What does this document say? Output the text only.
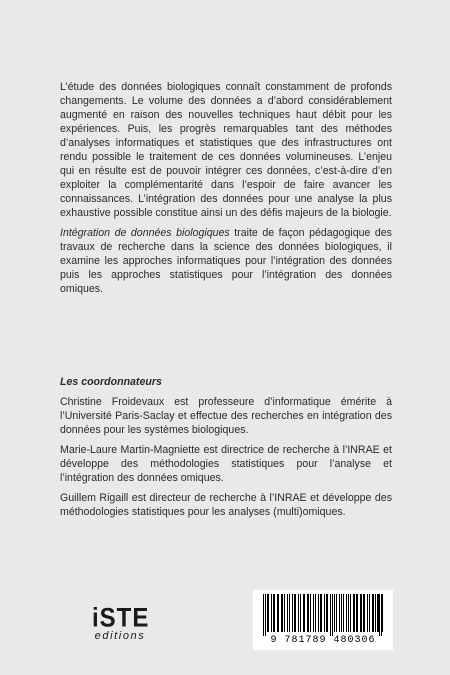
L’étude des données biologiques connaît constamment de profonds changements. Le volume des données a d’abord considérablement augmenté en raison des nouvelles techniques haut débit pour les expériences. Puis, les progrès remarquables tant des méthodes d’analyses informatiques et statistiques que des infrastructures ont rendu possible le traitement de ces données volumineuses. L’enjeu qui en résulte est de pouvoir intégrer ces données, c’est-à-dire d’en exploiter la complémentarité dans l’espoir de faire avancer les connaissances. L’intégration des données pour une analyse la plus exhaustive possible constitue ainsi un des défis majeurs de la biologie.

Intégration de données biologiques traite de façon pédagogique des travaux de recherche dans la science des données biologiques, il examine les approches informatiques pour l’intégration des données puis les approches statistiques pour l’intégration des données omiques.

Les coordonnateurs

Christine Froidevaux est professeure d’informatique émérite à l’Université Paris-Saclay et effectue des recherches en intégration des données pour les systèmes biologiques.

Marie-Laure Martin-Magniette est directrice de recherche à l’INRAE et développe des méthodologies statistiques pour l’analyse et l’intégration des données omiques.

Guillem Rigaill est directeur de recherche à l’INRAE et développe des méthodologies statistiques pour les analyses (multi)omiques.

iSTE
editions	9 781789 480306
